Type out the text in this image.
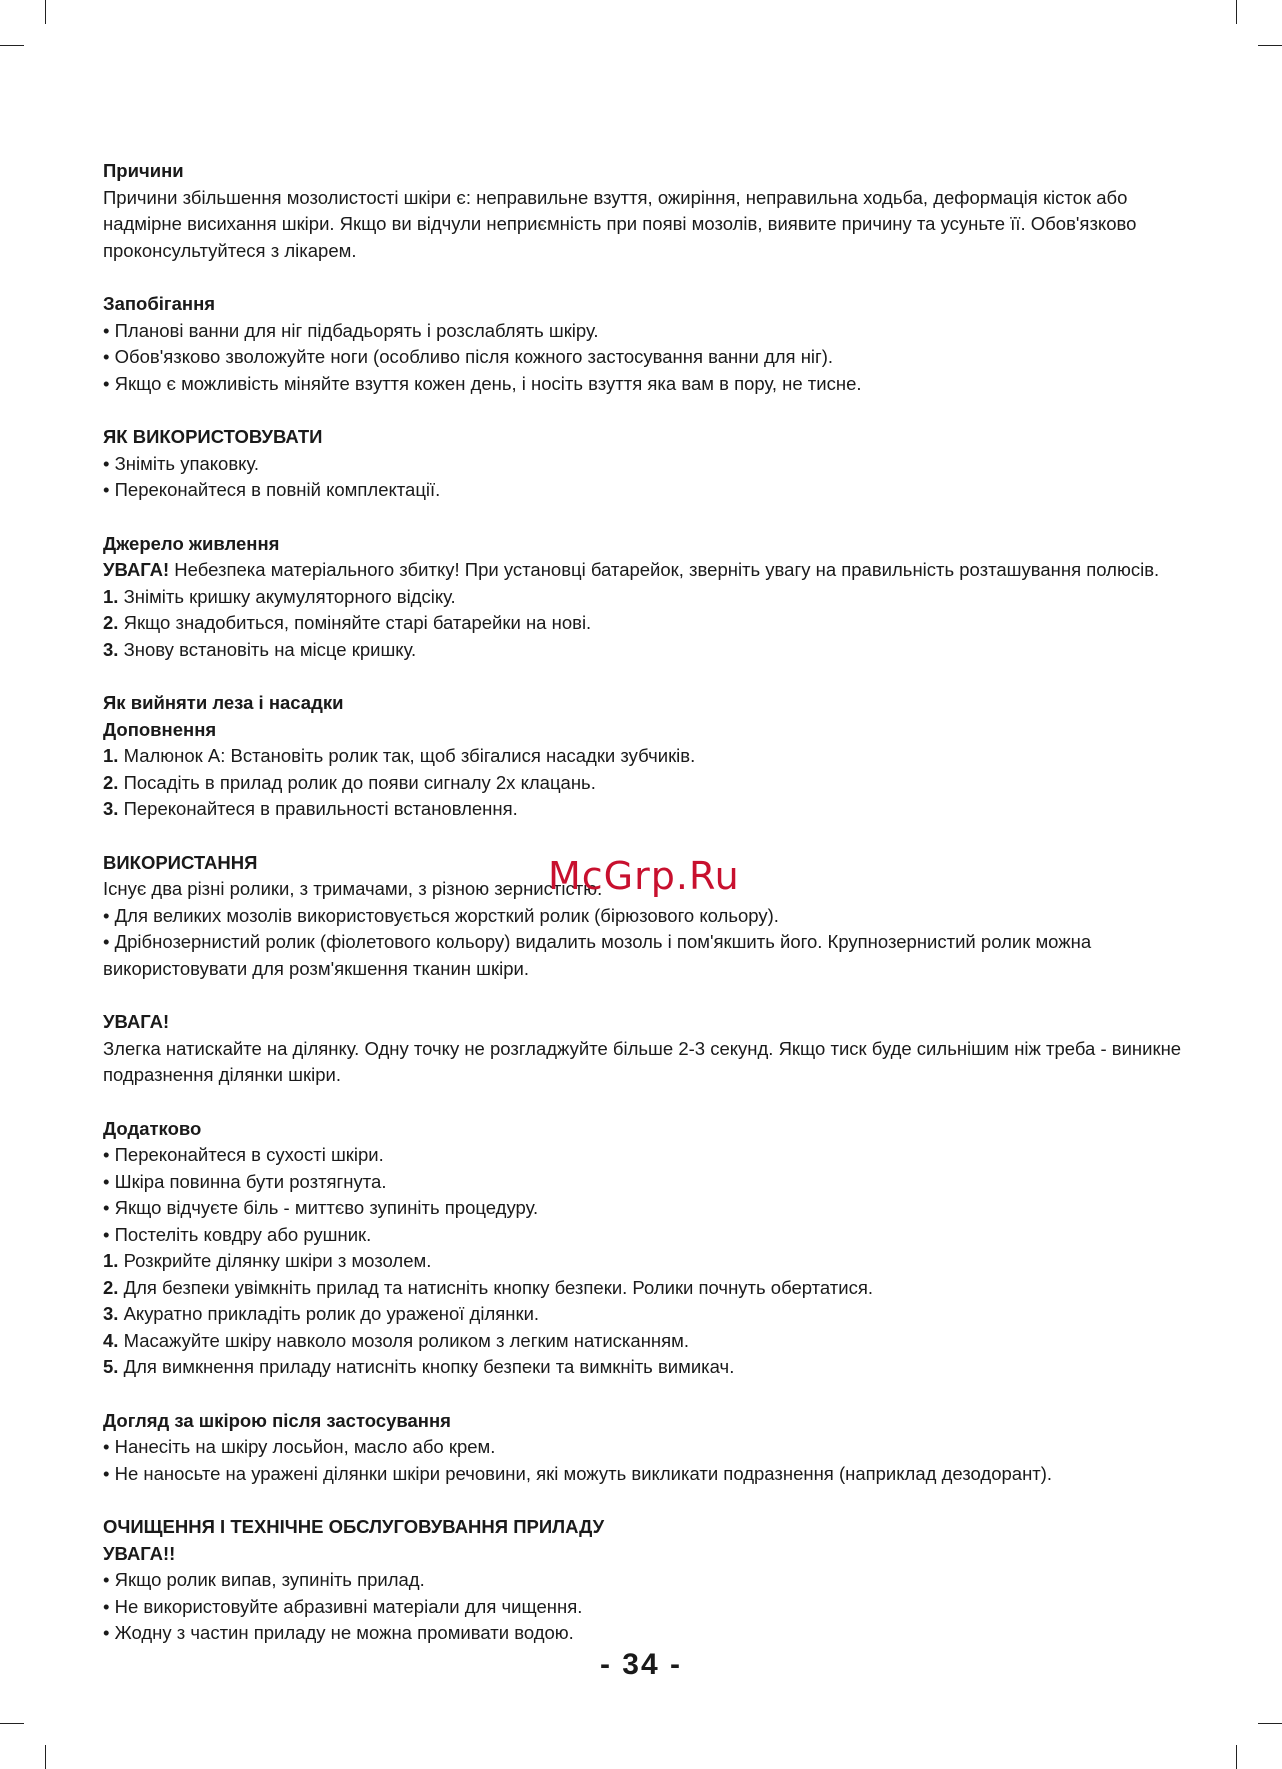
Причини

Причини збільшення мозолистості шкіри є: неправильне взуття, ожиріння, неправильна ходьба, деформація кісток або надмірне висихання шкіри. Якщо ви відчули неприємність при появі мозолів, виявите причину та усуньте її. Обов'язково проконсультуйтеся з лікарем.

Запобігання

• Планові ванни для ніг підбадьорять і розслаблять шкіру.

• Обов'язково зволожуйте ноги (особливо після кожного застосування ванни для ніг).

• Якщо є можливість міняйте взуття кожен день, і носіть взуття яка вам в пору, не тисне.

ЯК ВИКОРИСТОВУВАТИ

• Зніміть упаковку.

• Переконайтеся в повній комплектації.

Джерело живлення

УВАГА! Небезпека матеріального збитку! При установці батарейок, зверніть увагу на правильність розташування полюсів.

1. Зніміть кришку акумуляторного відсіку.

2. Якщо знадобиться, поміняйте старі батарейки на нові.

3. Знову встановіть на місце кришку.

Як вийняти леза і насадки

Доповнення

1. Малюнок А: Встановіть ролик так, щоб збігалися насадки зубчиків.

2. Посадіть в прилад ролик до появи сигналу 2х клацань.

3. Переконайтеся в правильності встановлення.

ВИКОРИСТАННЯ

Існує два різні ролики, з тримачами, з різною зернистістю.

• Для великих мозолів використовується жорсткий ролик (бірюзового кольору).

• Дрібнозернистий ролик (фіолетового кольору) видалить мозоль і пом'якшить його. Крупнозернистий ролик можна використовувати для розм'якшення тканин шкіри.

УВАГА!

Злегка натискайте на ділянку. Одну точку не розгладжуйте більше 2-3 секунд. Якщо тиск буде сильнішим ніж треба - виникне подразнення ділянки шкіри.

Додатково

• Переконайтеся в сухості шкіри.

• Шкіра повинна бути розтягнута.

• Якщо відчуєте біль - миттєво зупиніть процедуру.

• Постеліть ковдру або рушник.

1. Розкрийте ділянку шкіри з мозолем.

2. Для безпеки увімкніть прилад та натисніть кнопку безпеки. Ролики почнуть обертатися.

3. Акуратно прикладіть ролик до ураженої ділянки.

4. Масажуйте шкіру навколо мозоля роликом з легким натисканням.

5. Для вимкнення приладу натисніть кнопку безпеки та вимкніть вимикач.

Догляд за шкірою після застосування

• Нанесіть на шкіру лосьйон, масло або крем.

• Не наносьте на уражені ділянки шкіри речовини, які можуть викликати подразнення (наприклад дезодорант).

ОЧИЩЕННЯ І ТЕХНІЧНЕ ОБСЛУГОВУВАННЯ ПРИЛАДУ

УВАГА!!

• Якщо ролик випав, зупиніть прилад.

• Не використовуйте абразивні матеріали для чищення.

• Жодну з частин приладу не можна промивати водою.

McGrp.Ru
- 34 -
